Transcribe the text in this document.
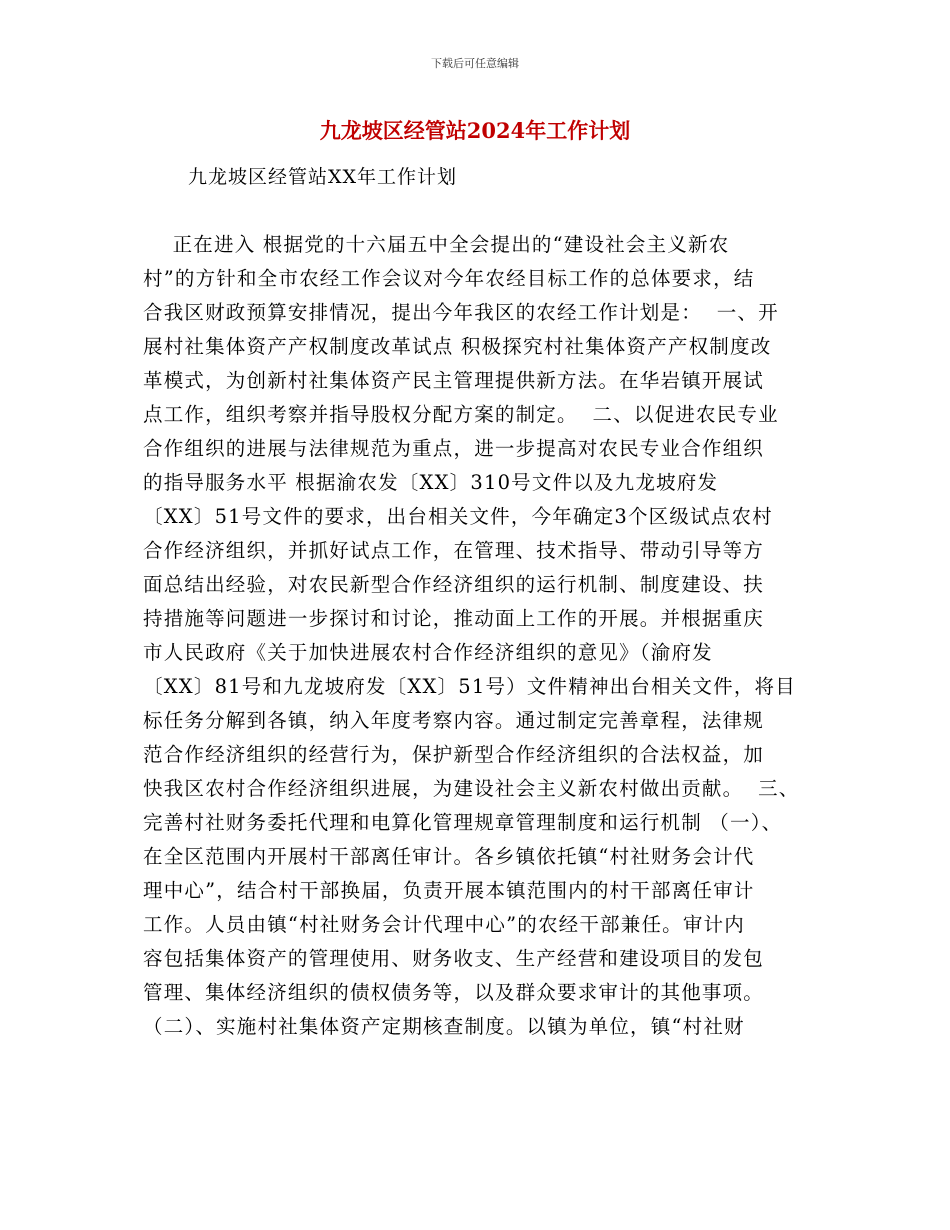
下载后可任意编辑
九龙坡区经管站2024年工作计划
九龙坡区经管站XX年工作计划
正在进入 根据党的十六届五中全会提出的“建设社会主义新农
村”的方针和全市农经工作会议对今年农经目标工作的总体要求，结
合我区财政预算安排情况，提出今年我区的农经工作计划是：  一、开
展村社集体资产产权制度改革试点 积极探究村社集体资产产权制度改
革模式，为创新村社集体资产民主管理提供新方法。在华岩镇开展试
点工作，组织考察并指导股权分配方案的制定。  二、以促进农民专业
合作组织的进展与法律规范为重点，进一步提高对农民专业合作组织
的指导服务水平 根据渝农发〔XX〕310号文件以及九龙坡府发
〔XX〕51号文件的要求，出台相关文件，今年确定3个区级试点农村
合作经济组织，并抓好试点工作，在管理、技术指导、带动引导等方
面总结出经验，对农民新型合作经济组织的运行机制、制度建设、扶
持措施等问题进一步探讨和讨论，推动面上工作的开展。并根据重庆
市人民政府《关于加快进展农村合作经济组织的意见》（渝府发
〔XX〕81号和九龙坡府发〔XX〕51号）文件精神出台相关文件，将目
标任务分解到各镇，纳入年度考察内容。通过制定完善章程，法律规
范合作经济组织的经营行为，保护新型合作经济组织的合法权益，加
快我区农村合作经济组织进展，为建设社会主义新农村做出贡献。  三、
完善村社财务委托代理和电算化管理规章管理制度和运行机制 （一）、
在全区范围内开展村干部离任审计。各乡镇依托镇“村社财务会计代
理中心”，结合村干部换届，负责开展本镇范围内的村干部离任审计
工作。人员由镇“村社财务会计代理中心”的农经干部兼任。审计内
容包括集体资产的管理使用、财务收支、生产经营和建设项目的发包
管理、集体经济组织的债权债务等，以及群众要求审计的其他事项。
（二）、实施村社集体资产定期核查制度。以镇为单位，镇“村社财
